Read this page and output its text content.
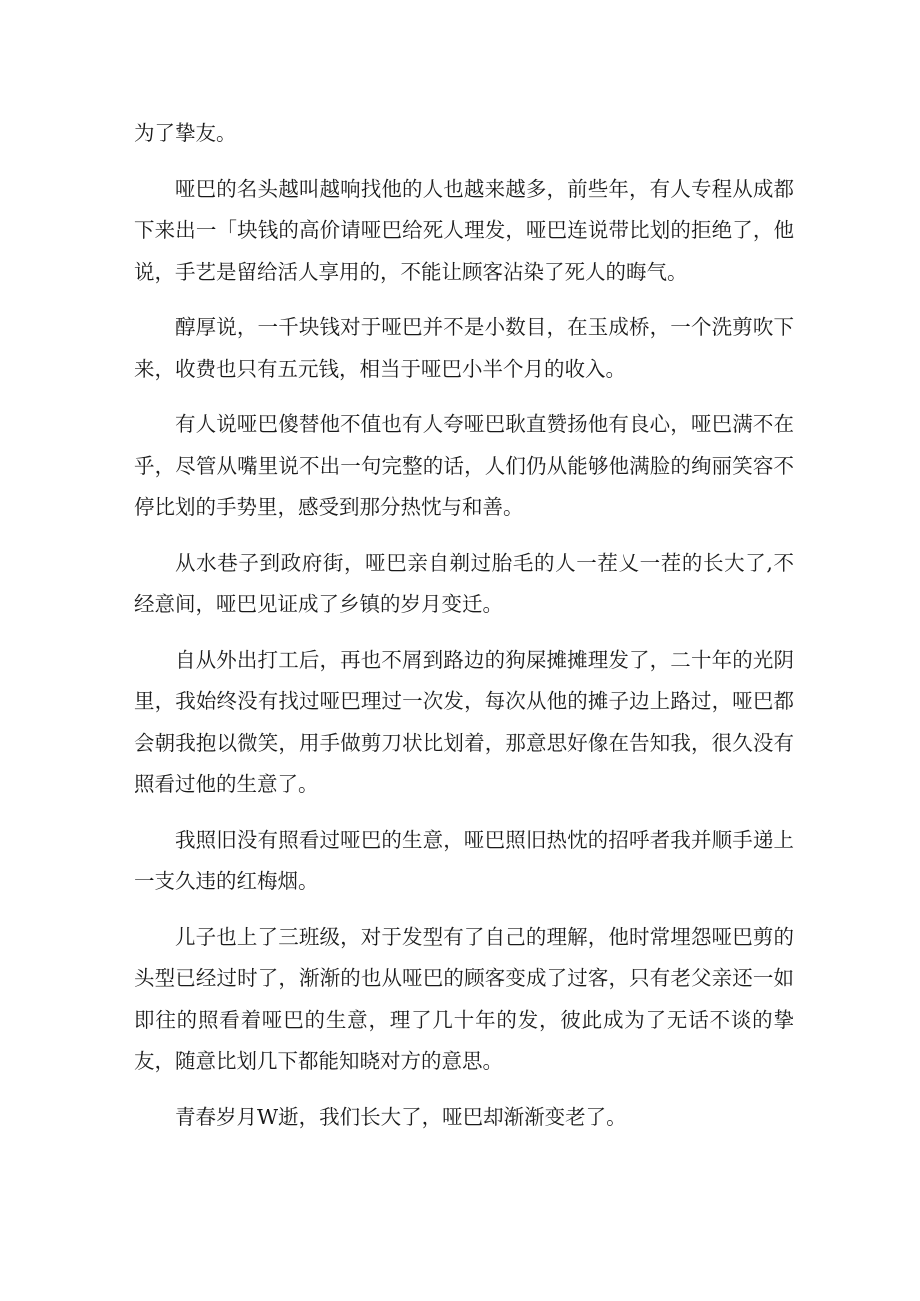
为了挚友。

哑巴的名头越叫越响找他的人也越来越多，前些年，有人专程从成都下来出一「块钱的高价请哑巴给死人理发，哑巴连说带比划的拒绝了，他说，手艺是留给活人享用的，不能让顾客沾染了死人的晦气。

醇厚说，一千块钱对于哑巴并不是小数目，在玉成桥，一个洗剪吹下来，收费也只有五元钱，相当于哑巴小半个月的收入。

有人说哑巴傻替他不值也有人夸哑巴耿直赞扬他有良心，哑巴满不在乎，尽管从嘴里说不出一句完整的话，人们仍从能够他满脸的绚丽笑容不停比划的手势里，感受到那分热忱与和善。

从水巷子到政府街，哑巴亲自剃过胎毛的人一茬乂一茬的长大了,不经意间，哑巴见证成了乡镇的岁月变迁。

自从外出打工后，再也不屑到路边的狗屎摊摊理发了，二十年的光阴里，我始终没有找过哑巴理过一次发，每次从他的摊子边上路过，哑巴都会朝我抱以微笑，用手做剪刀状比划着，那意思好像在告知我，很久没有照看过他的生意了。

我照旧没有照看过哑巴的生意，哑巴照旧热忱的招呼者我并顺手递上一支久违的红梅烟。

儿子也上了三班级，对于发型有了自己的理解，他时常埋怨哑巴剪的头型已经过时了，渐渐的也从哑巴的顾客变成了过客，只有老父亲还一如即往的照看着哑巴的生意，理了几十年的发，彼此成为了无话不谈的挚友，随意比划几下都能知晓对方的意思。

青春岁月W逝，我们长大了，哑巴却渐渐变老了。
